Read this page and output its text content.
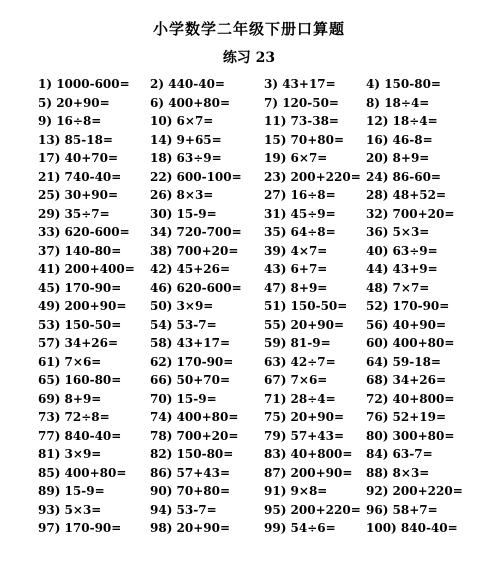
小学数学二年级下册口算题
练习 23
1) 1000-600= 2) 440-40=	3) 43+17=	4) 150-80=
5) 20+90=	6) 400+80=	7) 120-50= 8) 18÷4=
9) 16÷8=	10) 6×7=	11) 73-38= 12) 18÷4=
13) 85-18=	14) 9+65=	15) 70+80= 16) 46-8=
17) 40+70=	18) 63÷9=	19) 6×7=	20) 8+9=
21) 740-40= 22) 600-100= 23) 200+220= 24) 86-60=
25) 30+90=	26) 8×3=	27) 16÷8=	28) 48+52=
29) 35÷7=	30) 15-9=	31) 45÷9=	32) 700+20=
33) 620-600= 34) 720-700= 35) 64÷8=	36) 5×3=
37) 140-80= 38) 700+20= 39) 4×7=	40) 63÷9=
41) 200+400= 42) 45+26=	43) 6+7=	44) 43+9=
45) 170-90= 46) 620-600= 47) 8+9=	48) 7×7=
49) 200+90= 50) 3×9=	51) 150-50= 52) 170-90=
53) 150-50= 54) 53-7=	55) 20+90= 56) 40+90=
57) 34+26=	58) 43+17=	59) 81-9=	60) 400+80=
61) 7×6=	62) 170-90=	63) 42÷7=	64) 59-18=
65) 160-80= 66) 50+70=	67) 7×6=	68) 34+26=
69) 8+9=	70) 15-9=	71) 28÷4=	72) 40+800=
73) 72÷8=	74) 400+80= 75) 20+90= 76) 52+19=
77) 840-40= 78) 700+20= 79) 57+43= 80) 300+80=
81) 3×9=	82) 150-80=	83) 40+800= 84) 63-7=
85) 400+80= 86) 57+43=	87) 200+90= 88) 8×3=
89) 15-9=	90) 70+80=	91) 9×8=	92) 200+220=
93) 5×3=	94) 53-7=	95) 200+220= 96) 58+7=
97) 170-90= 98) 20+90=	99) 54÷6=	100) 840-40=
